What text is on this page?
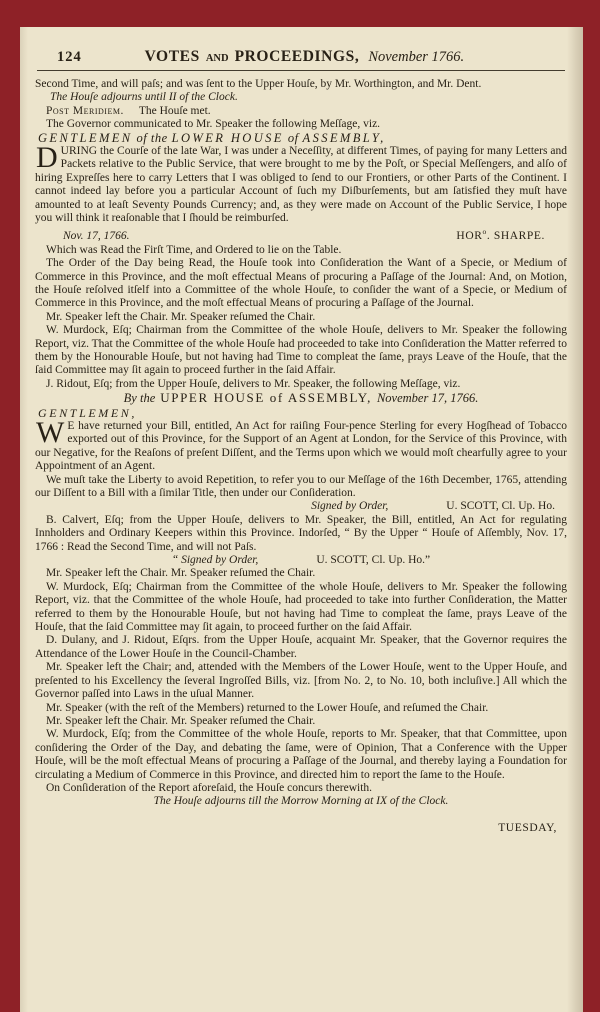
124	VOTES AND PROCEEDINGS, November 1766.

Second Time, and will paſs; and was ſent to the Upper Houſe, by Mr. Worthington, and Mr. Dent.

The Houſe adjourns until II of the Clock.

Post Meridiem. The Houſe met.

The Governor communicated to Mr. Speaker the following Meſſage, viz.

GENTLEMEN of the LOWER HOUSE of ASSEMBLY,

DURING the Courſe of the late War, I was under a Neceſſity, at different Times, of paying for many Letters and Packets relative to the Public Service, that were brought to me by the Poſt, or Special Meſſengers, and alſo of hiring Expreſſes here to carry Letters that I was obliged to ſend to our Frontiers, or other Parts of the Continent. I cannot indeed lay before you a particular Account of ſuch my Diſburſements, but am ſatisfied they muſt have amounted to at leaſt Seventy Pounds Currency; and, as they were made on Account of the Public Service, I hope you will think it reaſonable that I ſhould be reimburſed.

Nov. 17, 1766.	HOR$^o$. SHARPE.

Which was Read the Firſt Time, and Ordered to lie on the Table.

The Order of the Day being Read, the Houſe took into Conſideration the Want of a Specie, or Medium of Commerce in this Province, and the moſt effectual Means of procuring a Paſſage of the Journal: And, on Motion, the Houſe reſolved itſelf into a Committee of the whole Houſe, to conſider the want of a Specie, or Medium of Commerce in this Province, and the moſt effectual Means of procuring a Paſſage of the Journal.

Mr. Speaker left the Chair. Mr. Speaker reſumed the Chair.

W. Murdock, Eſq; Chairman from the Committee of the whole Houſe, delivers to Mr. Speaker the following Report, viz. That the Committee of the whole Houſe had proceeded to take into Conſideration the Matter referred to them by the Honourable Houſe, but not having had Time to compleat the ſame, prays Leave of the Houſe, that the ſaid Committee may ſit again to proceed further in the ſaid Affair.

J. Ridout, Eſq; from the Upper Houſe, delivers to Mr. Speaker, the following Meſſage, viz.

By the UPPER HOUSE of ASSEMBLY, November 17, 1766.

GENTLEMEN,

W E have returned your Bill, entitled, An Act for raiſing Four-pence Sterling for every Hogſhead of Tobacco exported out of this Province, for the Support of an Agent at London, for the Service of this Province, with our Negative, for the Reaſons of preſent Diſſent, and the Terms upon which we would moſt chearfully agree to your Appointment of an Agent.

We muſt take the Liberty to avoid Repetition, to refer you to our Meſſage of the 16th December, 1765, attending our Diſſent to a Bill with a ſimilar Title, then under our Conſideration.

Signed by Order,	U. SCOTT, Cl. Up. Ho.

B. Calvert, Eſq; from the Upper Houſe, delivers to Mr. Speaker, the Bill, entitled, An Act for regulating Innholders and Ordinary Keepers within this Province. Indorſed, “ By the Upper “ Houſe of Aſſembly, Nov. 17, 1766 : Read the Second Time, and will not Paſs.

“ Signed by Order,	U. SCOTT, Cl. Up. Ho.”

Mr. Speaker left the Chair. Mr. Speaker reſumed the Chair.

W. Murdock, Eſq; Chairman from the Committee of the whole Houſe, delivers to Mr. Speaker the following Report, viz. that the Committee of the whole Houſe, had proceeded to take into further Conſideration, the Matter referred to them by the Honourable Houſe, but not having had Time to compleat the ſame, prays Leave of the Houſe, that the ſaid Committee may ſit again, to proceed further on the ſaid Affair.

D. Dulany, and J. Ridout, Eſqrs. from the Upper Houſe, acquaint Mr. Speaker, that the Governor requires the Attendance of the Lower Houſe in the Council-Chamber.

Mr. Speaker left the Chair; and, attended with the Members of the Lower Houſe, went to the Upper Houſe, and preſented to his Excellency the ſeveral Ingroſſed Bills, viz. [from No. 2, to No. 10, both incluſive.] All which the Governor paſſed into Laws in the uſual Manner.

Mr. Speaker (with the reſt of the Members) returned to the Lower Houſe, and reſumed the Chair.

Mr. Speaker left the Chair. Mr. Speaker reſumed the Chair.

W. Murdock, Eſq; from the Committee of the whole Houſe, reports to Mr. Speaker, that that Committee, upon conſidering the Order of the Day, and debating the ſame, were of Opinion, That a Conference with the Upper Houſe, will be the moſt effectual Means of procuring a Paſſage of the Journal, and thereby laying a Foundation for circulating a Medium of Commerce in this Province, and directed him to report the ſame to the Houſe.

On Conſideration of the Report aforeſaid, the Houſe concurs therewith.

The Houſe adjourns till the Morrow Morning at IX of the Clock.

TUESDAY,
